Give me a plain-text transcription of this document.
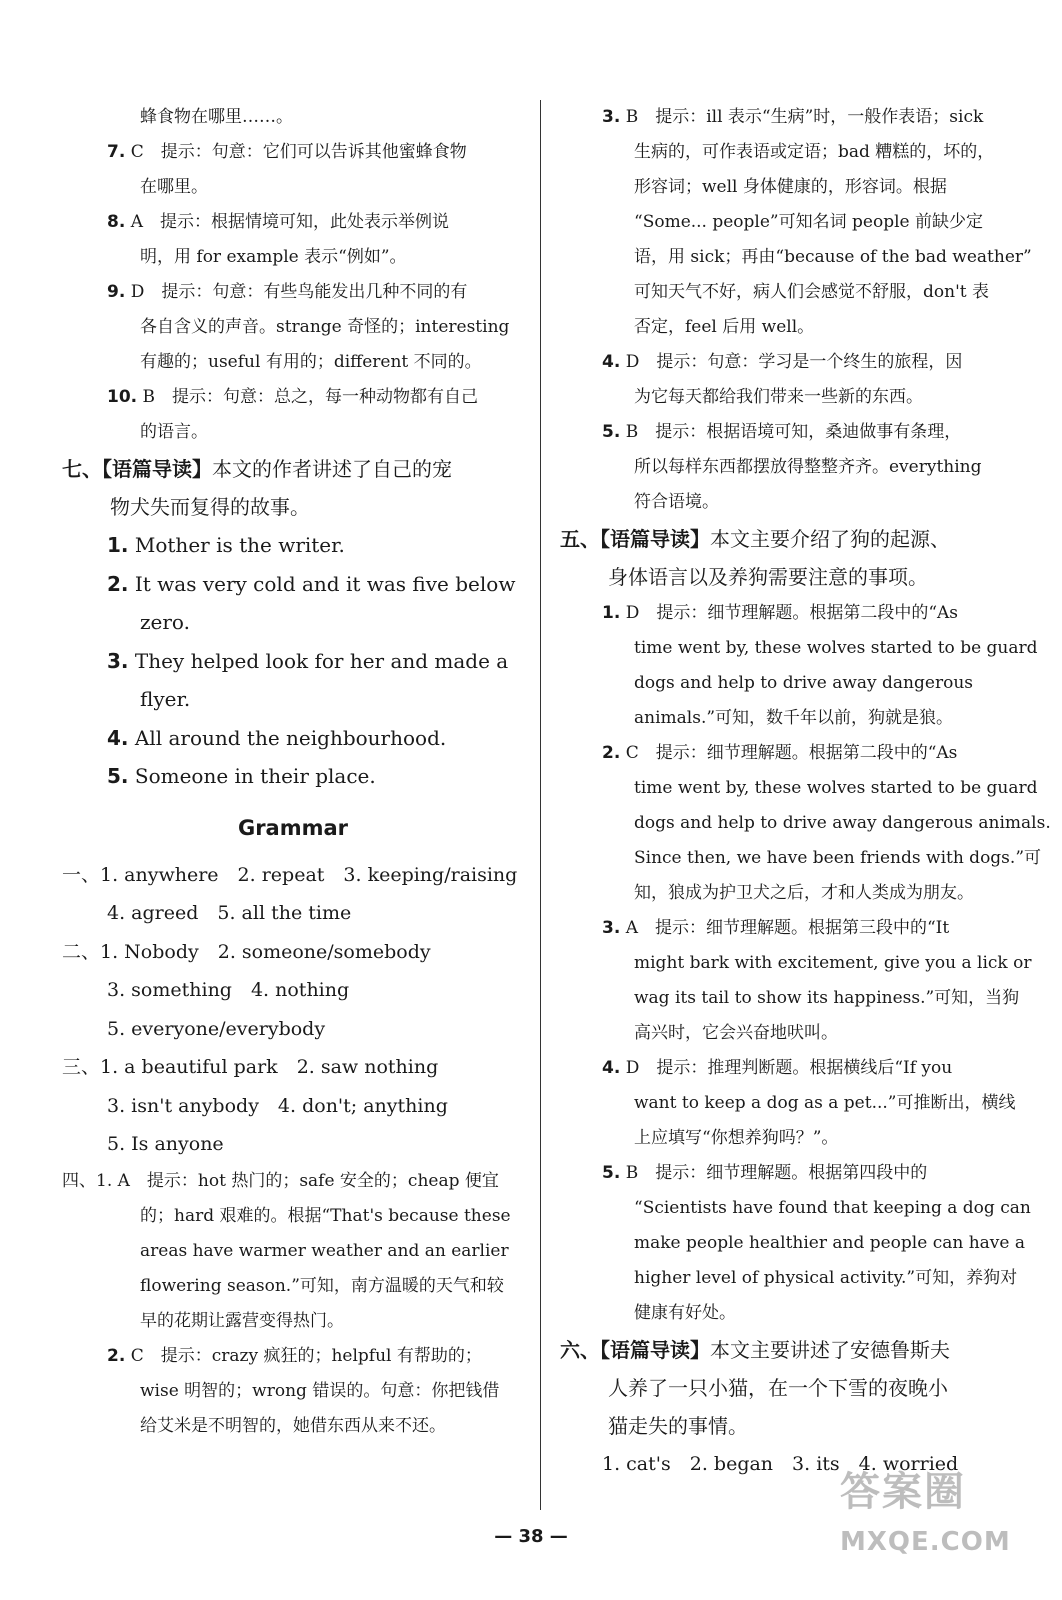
蜂食物在哪里……。
7. C　提示：句意：它们可以告诉其他蜜蜂食物
在哪里。
8. A　提示：根据情境可知，此处表示举例说
明，用 for example 表示“例如”。
9. D　提示：句意：有些鸟能发出几种不同的有
各自含义的声音。strange 奇怪的；interesting
有趣的；useful 有用的；different 不同的。
10. B　提示：句意：总之，每一种动物都有自己
的语言。
七、【语篇导读】本文的作者讲述了自己的宠
物犬失而复得的故事。
1. Mother is the writer.
2. It was very cold and it was five below
zero.
3. They helped look for her and made a
flyer.
4. All around the neighbourhood.
5. Someone in their place.
Grammar
一、1. anywhere　2. repeat　3. keeping/raising
4. agreed　5. all the time
二、1. Nobody　2. someone/somebody
3. something　4. nothing
5. everyone/everybody
三、1. a beautiful park　2. saw nothing
3. isn't anybody　4. don't; anything
5. Is anyone
四、1. A　提示：hot 热门的；safe 安全的；cheap 便宜
的；hard 艰难的。根据“That's because these
areas have warmer weather and an earlier
flowering season.”可知，南方温暖的天气和较
早的花期让露营变得热门。
2. C　提示：crazy 疯狂的；helpful 有帮助的；
wise 明智的；wrong 错误的。句意：你把钱借
给艾米是不明智的，她借东西从来不还。
3. B　提示：ill 表示“生病”时，一般作表语；sick
生病的，可作表语或定语；bad 糟糕的，坏的，
形容词；well 身体健康的，形容词。根据
“Some... people”可知名词 people 前缺少定
语，用 sick；再由“because of the bad weather”
可知天气不好，病人们会感觉不舒服，don't 表
否定，feel 后用 well。
4. D　提示：句意：学习是一个终生的旅程，因
为它每天都给我们带来一些新的东西。
5. B　提示：根据语境可知，桑迪做事有条理，
所以每样东西都摆放得整整齐齐。everything
符合语境。
五、【语篇导读】本文主要介绍了狗的起源、
身体语言以及养狗需要注意的事项。
1. D　提示：细节理解题。根据第二段中的“As
time went by, these wolves started to be guard
dogs and help to drive away dangerous
animals.”可知，数千年以前，狗就是狼。
2. C　提示：细节理解题。根据第二段中的“As
time went by, these wolves started to be guard
dogs and help to drive away dangerous animals.
Since then, we have been friends with dogs.”可
知，狼成为护卫犬之后，才和人类成为朋友。
3. A　提示：细节理解题。根据第三段中的“It
might bark with excitement, give you a lick or
wag its tail to show its happiness.”可知，当狗
高兴时，它会兴奋地吠叫。
4. D　提示：推理判断题。根据横线后“If you
want to keep a dog as a pet...”可推断出，横线
上应填写“你想养狗吗？”。
5. B　提示：细节理解题。根据第四段中的
“Scientists have found that keeping a dog can
make people healthier and people can have a
higher level of physical activity.”可知，养狗对
健康有好处。
六、【语篇导读】本文主要讲述了安德鲁斯夫
人养了一只小猫，在一个下雪的夜晚小
猫走失的事情。
1. cat's　2. began　3. its　4. worried
— 38 —
答案圈
MXQE.COM
